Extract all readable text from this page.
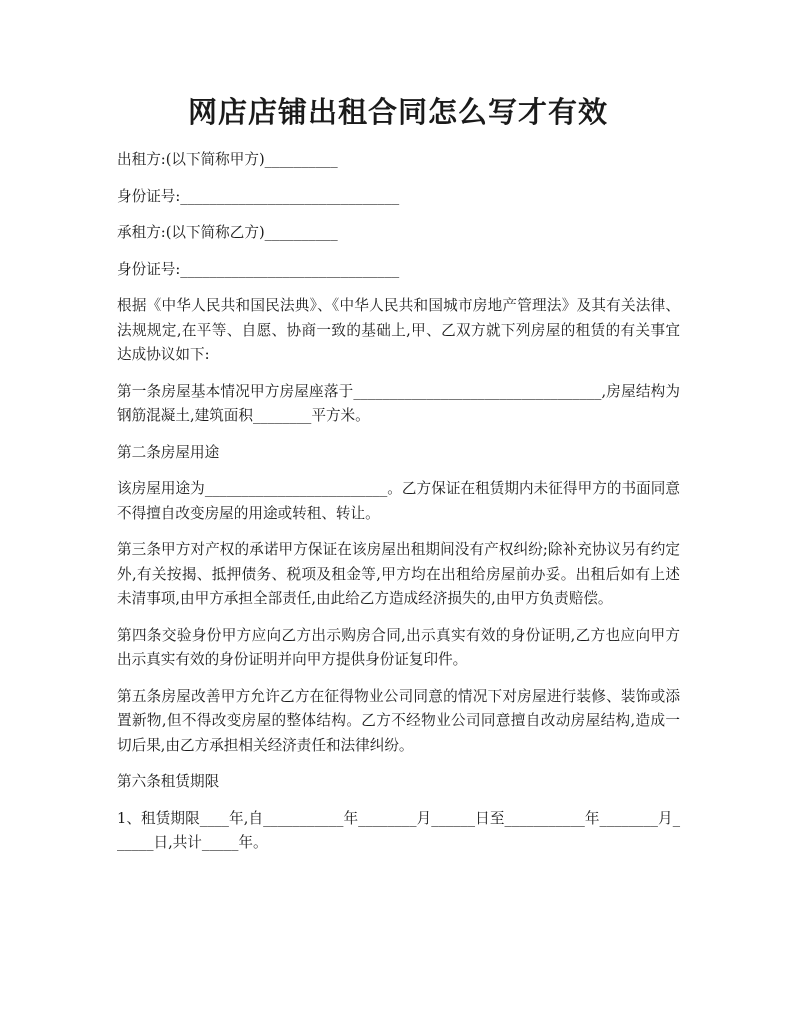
网店店铺出租合同怎么写才有效

出租方:(以下简称甲方)__________

身份证号:______________________________

承租方:(以下简称乙方)__________

身份证号:______________________________

根据《中华人民共和国民法典》、《中华人民共和国城市房地产管理法》及其有关法律、法规规定,在平等、自愿、协商一致的基础上,甲、乙双方就下列房屋的租赁的有关事宜达成协议如下:

第一条房屋基本情况甲方房屋座落于__________________________________,房屋结构为钢筋混凝土,建筑面积________平方米。

第二条房屋用途

该房屋用途为_________________________。乙方保证在租赁期内未征得甲方的书面同意不得擅自改变房屋的用途或转租、转让。

第三条甲方对产权的承诺甲方保证在该房屋出租期间没有产权纠纷;除补充协议另有约定外,有关按揭、抵押债务、税项及租金等,甲方均在出租给房屋前办妥。出租后如有上述未清事项,由甲方承担全部责任,由此给乙方造成经济损失的,由甲方负责赔偿。

第四条交验身份甲方应向乙方出示购房合同,出示真实有效的身份证明,乙方也应向甲方出示真实有效的身份证明并向甲方提供身份证复印件。

第五条房屋改善甲方允许乙方在征得物业公司同意的情况下对房屋进行装修、装饰或添置新物,但不得改变房屋的整体结构。乙方不经物业公司同意擅自改动房屋结构,造成一切后果,由乙方承担相关经济责任和法律纠纷。

第六条租赁期限

1、租赁期限____年,自___________年________月______日至___________年________月______日,共计_____年。
